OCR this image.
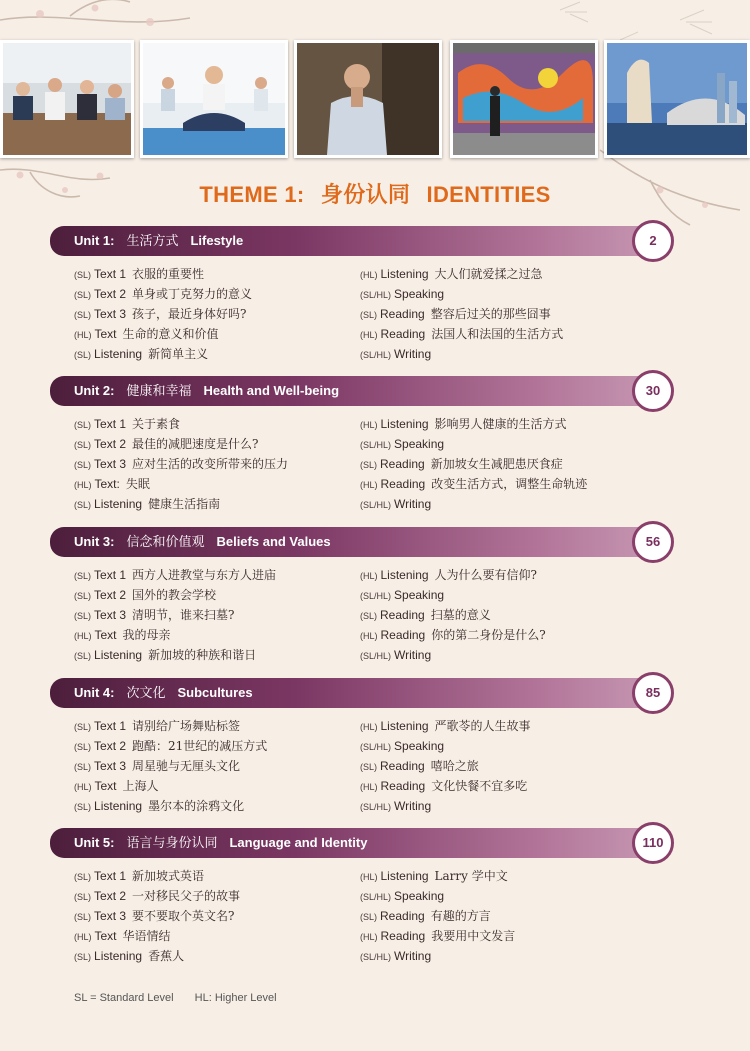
THEME 1: 身份认同 IDENTITIES
Unit 1: 生活方式 Lifestyle	2
(SL) Text 1 衣服的重要性
(SL) Text 2 单身或丁克努力的意义
(SL) Text 3 孩子，最近身体好吗?
(HL) Text 生命的意义和价值
(SL) Listening 新简单主义
(HL) Listening 大人们就爱揉之过急
(SL/HL) Speaking
(SL) Reading 整容后过关的那些囧事
(HL) Reading 法国人和法国的生活方式
(SL/HL) Writing
Unit 2: 健康和幸福 Health and Well-being	30
(SL) Text 1 关于素食
(SL) Text 2 最佳的减肥速度是什么?
(SL) Text 3 应对生活的改变所带来的压力
(HL) Text: 失眠
(SL) Listening 健康生活指南
(HL) Listening 影响男人健康的生活方式
(SL/HL) Speaking
(SL) Reading 新加坡女生减肥患厌食症
(HL) Reading 改变生活方式，调整生命轨迹
(SL/HL) Writing
Unit 3: 信念和价值观 Beliefs and Values	56
(SL) Text 1 西方人进教堂与东方人进庙
(SL) Text 2 国外的教会学校
(SL) Text 3 清明节，谁来扫墓?
(HL) Text 我的母亲
(SL) Listening 新加坡的种族和谐日
(HL) Listening 人为什么要有信仰?
(SL/HL) Speaking
(SL) Reading 扫墓的意义
(HL) Reading 你的第二身份是什么?
(SL/HL) Writing
Unit 4: 次文化 Subcultures	85
(SL) Text 1 请别给广场舞贴标签
(SL) Text 2 跑酷：21世纪的减压方式
(SL) Text 3 周星驰与无厘头文化
(HL) Text 上海人
(SL) Listening 墨尔本的涂鸦文化
(HL) Listening 严歌苓的人生故事
(SL/HL) Speaking
(SL) Reading 嘻哈之旅
(HL) Reading 文化快餐不宜多吃
(SL/HL) Writing
Unit 5: 语言与身份认同 Language and Identity	110
(SL) Text 1 新加坡式英语
(SL) Text 2 一对移民父子的故事
(SL) Text 3 要不要取个英文名?
(HL) Text 华语情结
(SL) Listening 香蕉人
(HL) Listening Larry 学中文
(SL/HL) Speaking
(SL) Reading 有趣的方言
(HL) Reading 我要用中文发言
(SL/HL) Writing
SL = Standard Level HL: Higher Level
